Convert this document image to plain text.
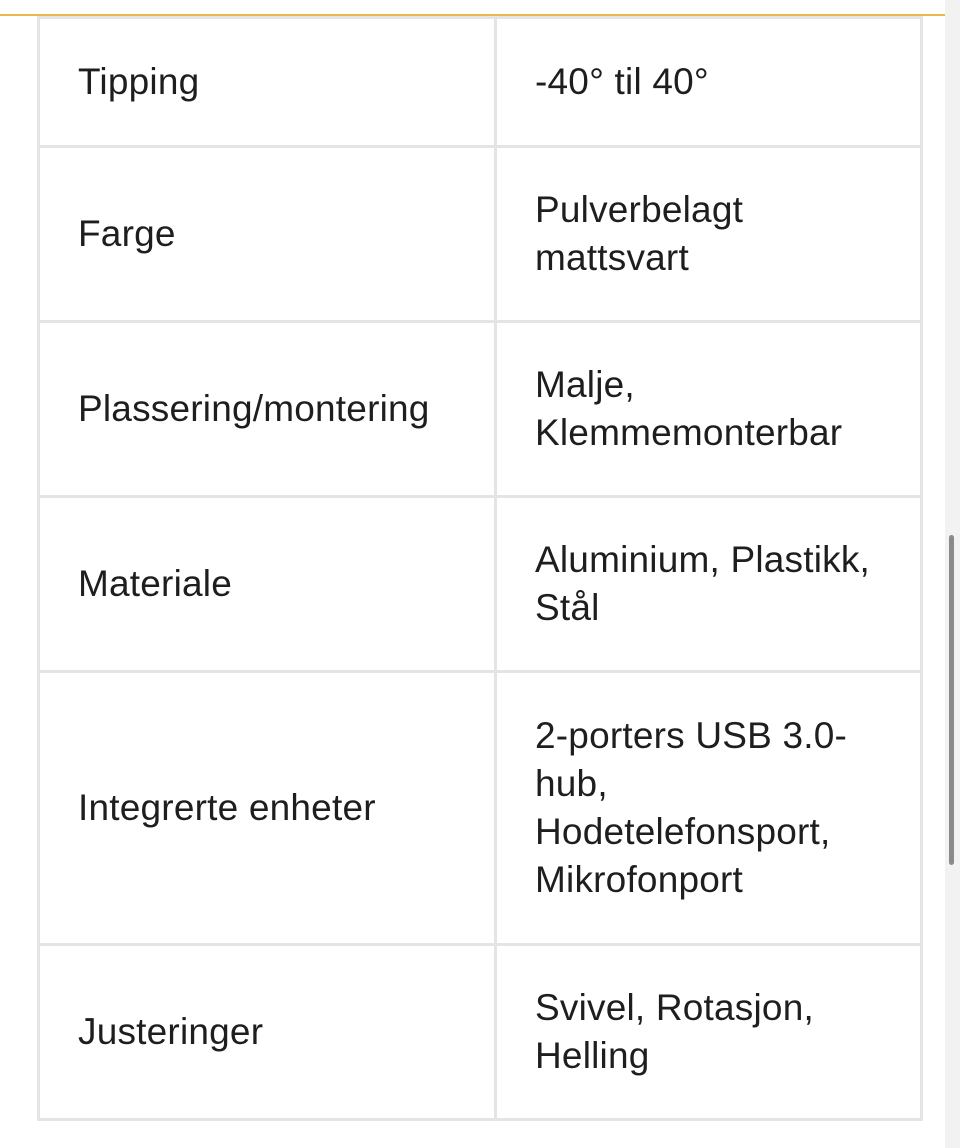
Tipping	-40° til 40°
Farge	Pulverbelagt mattsvart
Plassering/montering	Malje, Klemmemonterbar
Materiale	Aluminium, Plastikk, Stål
Integrerte enheter	2-porters USB 3.0-hub, Hodetelefonsport, Mikrofonport
Justeringer	Svivel, Rotasjon, Helling
